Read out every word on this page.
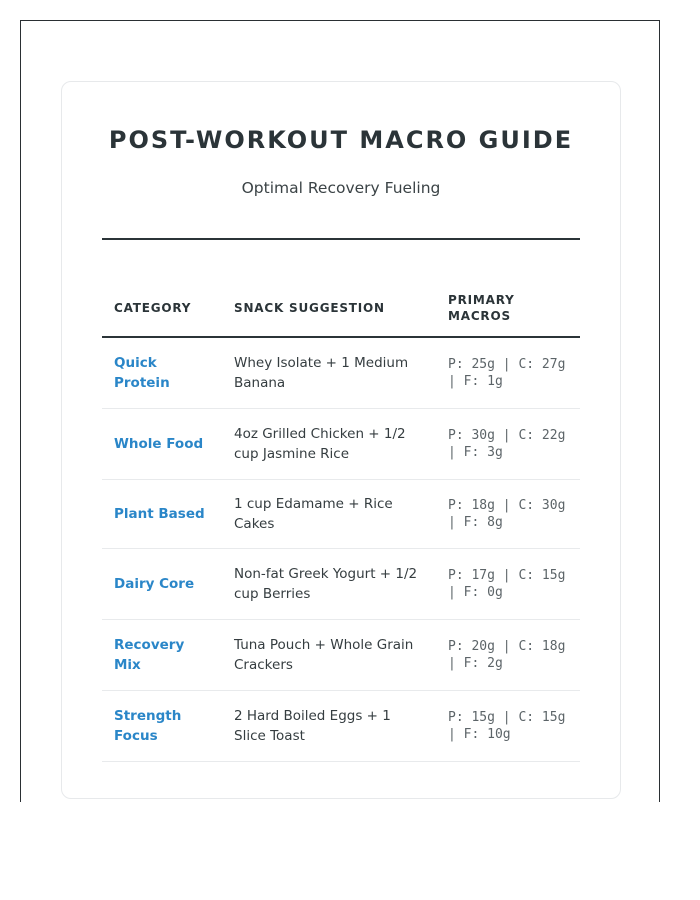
POST-WORKOUT MACRO GUIDE
Optimal Recovery Fueling
CATEGORY	SNACK SUGGESTION	PRIMARY MACROS
Quick Protein	Whey Isolate + 1 Medium Banana	P: 25g | C: 27g | F: 1g
Whole Food	4oz Grilled Chicken + 1/2 cup Jasmine Rice	P: 30g | C: 22g | F: 3g
Plant Based	1 cup Edamame + Rice Cakes	P: 18g | C: 30g | F: 8g
Dairy Core	Non-fat Greek Yogurt + 1/2 cup Berries	P: 17g | C: 15g | F: 0g
Recovery Mix	Tuna Pouch + Whole Grain Crackers	P: 20g | C: 18g | F: 2g
Strength Focus	2 Hard Boiled Eggs + 1 Slice Toast	P: 15g | C: 15g | F: 10g
